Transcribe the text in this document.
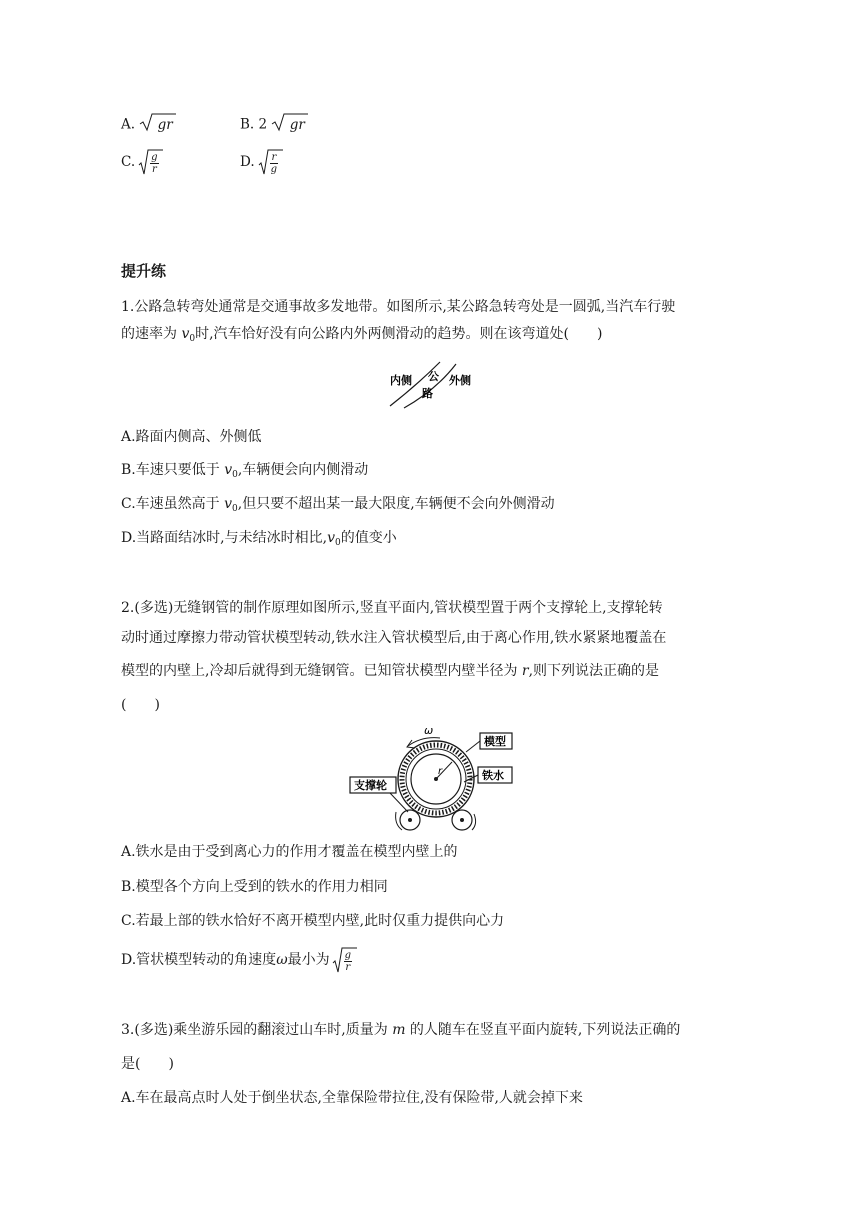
A. gr	B. 2 gr
C. $\frac{g}{r}$	D. $\frac{r}{g}$
提升练
1.公路急转弯处通常是交通事故多发地带。如图所示,某公路急转弯处是一圆弧,当汽车行驶
的速率为 $v_0$时,汽车恰好没有向公路内外两侧滑动的趋势。则在该弯道处(　　)
内侧 公
路
外侧
A.路面内侧高、外侧低
B.车速只要低于 $v_0$,车辆便会向内侧滑动
C.车速虽然高于 $v_0$,但只要不超出某一最大限度,车辆便不会向外侧滑动
D.当路面结冰时,与未结冰时相比$,v_0$的值变小
2.(多选)无缝钢管的制作原理如图所示,竖直平面内,管状模型置于两个支撑轮上,支撑轮转
动时通过摩擦力带动管状模型转动,铁水注入管状模型后,由于离心作用,铁水紧紧地覆盖在
模型的内壁上,冷却后就得到无缝钢管。已知管状模型内壁半径为 r,则下列说法正确的是
(　　)
ω
r
模型
铁水
支撑轮
A.铁水是由于受到离心力的作用才覆盖在模型内壁上的
B.模型各个方向上受到的铁水的作用力相同
C.若最上部的铁水恰好不离开模型内壁,此时仅重力提供向心力
D.管状模型转动的角速度 ω 最小为 $\frac{g}{r}$
3.(多选)乘坐游乐园的翻滚过山车时,质量为 m 的人随车在竖直平面内旋转,下列说法正确的
是(　　)
A.车在最高点时人处于倒坐状态,全靠保险带拉住,没有保险带,人就会掉下来
